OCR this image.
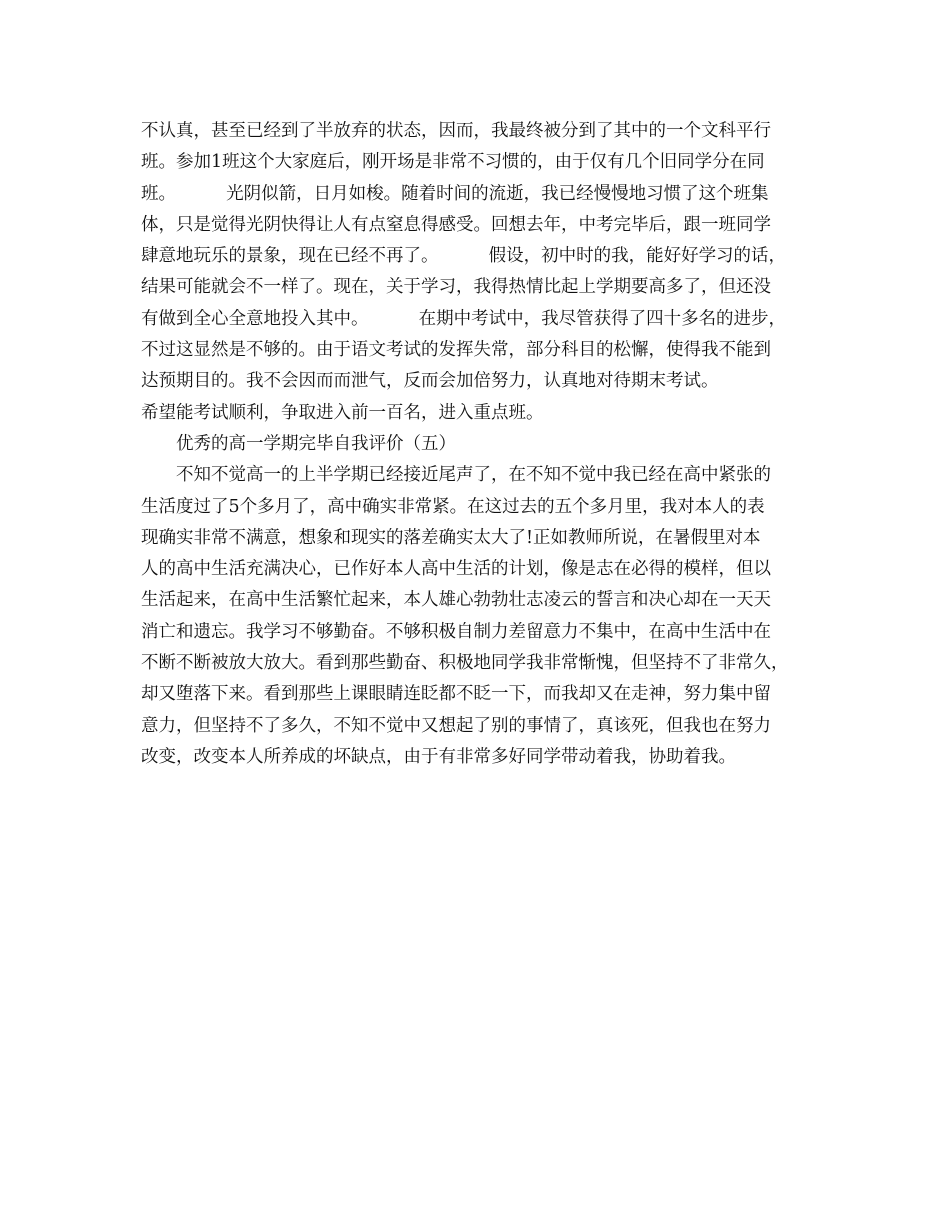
不认真，甚至已经到了半放弃的状态，因而，我最终被分到了其中的一个文科平行
班。参加1班这个大家庭后，刚开场是非常不习惯的，由于仅有几个旧同学分在同
班。         光阴似箭，日月如梭。随着时间的流逝，我已经慢慢地习惯了这个班集
体，只是觉得光阴快得让人有点窒息得感受。回想去年，中考完毕后，跟一班同学
肆意地玩乐的景象，现在已经不再了。         假设，初中时的我，能好好学习的话，
结果可能就会不一样了。现在，关于学习，我得热情比起上学期要高多了，但还没
有做到全心全意地投入其中。         在期中考试中，我尽管获得了四十多名的进步，
不过这显然是不够的。由于语文考试的发挥失常，部分科目的松懈，使得我不能到
达预期目的。我不会因而而泄气，反而会加倍努力，认真地对待期末考试。
希望能考试顺利，争取进入前一百名，进入重点班。
优秀的高一学期完毕自我评价（五）
不知不觉高一的上半学期已经接近尾声了，在不知不觉中我已经在高中紧张的
生活度过了5个多月了，高中确实非常紧。在这过去的五个多月里，我对本人的表
现确实非常不满意，想象和现实的落差确实太大了!正如教师所说，在暑假里对本
人的高中生活充满决心，已作好本人高中生活的计划，像是志在必得的模样，但以
生活起来，在高中生活繁忙起来，本人雄心勃勃壮志凌云的誓言和决心却在一天天
消亡和遗忘。我学习不够勤奋。不够积极自制力差留意力不集中，在高中生活中在
不断不断被放大放大。看到那些勤奋、积极地同学我非常惭愧，但坚持不了非常久，
却又堕落下来。看到那些上课眼睛连眨都不眨一下，而我却又在走神，努力集中留
意力，但坚持不了多久，不知不觉中又想起了别的事情了，真该死，但我也在努力
改变，改变本人所养成的坏缺点，由于有非常多好同学带动着我，协助着我。
